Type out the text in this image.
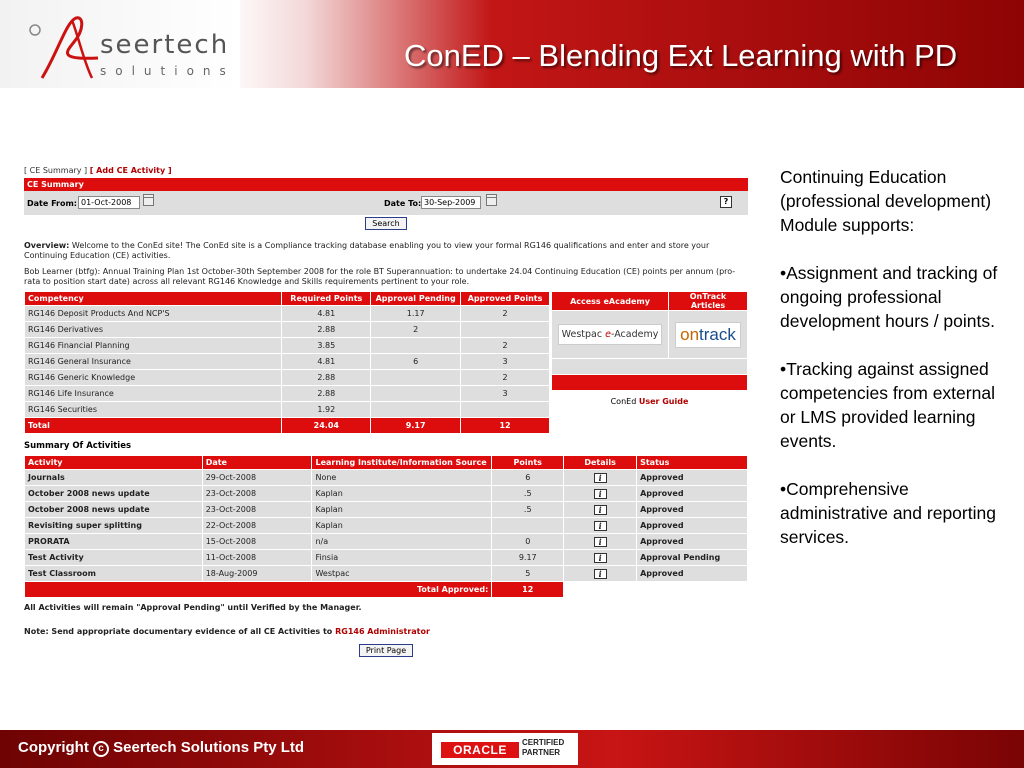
seertech
solutions	ConED – Blending Ext Learning with PD
[ CE Summary ] [ Add CE Activity ]
CE Summary
Date From: 01-Oct-2008	Date To: 30-Sep-2009	?
Search
Overview: Welcome to the ConEd site! The ConEd site is a Compliance tracking database enabling you to view your formal RG146 qualifications and enter and store your Continuing Education (CE) activities.
Bob Learner (btfg): Annual Training Plan 1st October-30th September 2008 for the role BT Superannuation: to undertake 24.04 Continuing Education (CE) points per annum (pro-rata to position start date) across all relevant RG146 Knowledge and Skills requirements pertinent to your role.
Competency	Required Points	Approval Pending	Approved Points
RG146 Deposit Products And NCP'S	4.81	1.17	2
RG146 Derivatives	2.88	2	
RG146 Financial Planning	3.85		2
RG146 General Insurance	4.81	6	3
RG146 Generic Knowledge	2.88		2
RG146 Life Insurance	2.88		3
RG146 Securities	1.92		
Total	24.04	9.17	12
Access eAcademy	OnTrack Articles
Westpac e-Academy	ontrack

ConEd User Guide
Summary Of Activities
Activity	Date	Learning Institute/Information Source	Points	Details	Status
Journals	29-Oct-2008	None	6	i	Approved
October 2008 news update	23-Oct-2008	Kaplan	.5	i	Approved
October 2008 news update	23-Oct-2008	Kaplan	.5	i	Approved
Revisiting super splitting	22-Oct-2008	Kaplan		i	Approved
PRORATA	15-Oct-2008	n/a	0	i	Approved
Test Activity	11-Oct-2008	Finsia	9.17	i	Approval Pending
Test Classroom	18-Aug-2009	Westpac	5	i	Approved
Total Approved:			12		
All Activities will remain "Approval Pending" until Verified by the Manager.
Note: Send appropriate documentary evidence of all CE Activities to RG146 Administrator
Print Page

Continuing Education (professional development) Module supports:

•Assignment and tracking of ongoing professional development hours / points.

•Tracking against assigned competencies from external or LMS provided learning events.

•Comprehensive administrative and reporting services.

Copyright c Seertech Solutions Pty Ltd	ORACLE
CERTIFIED
PARTNER
